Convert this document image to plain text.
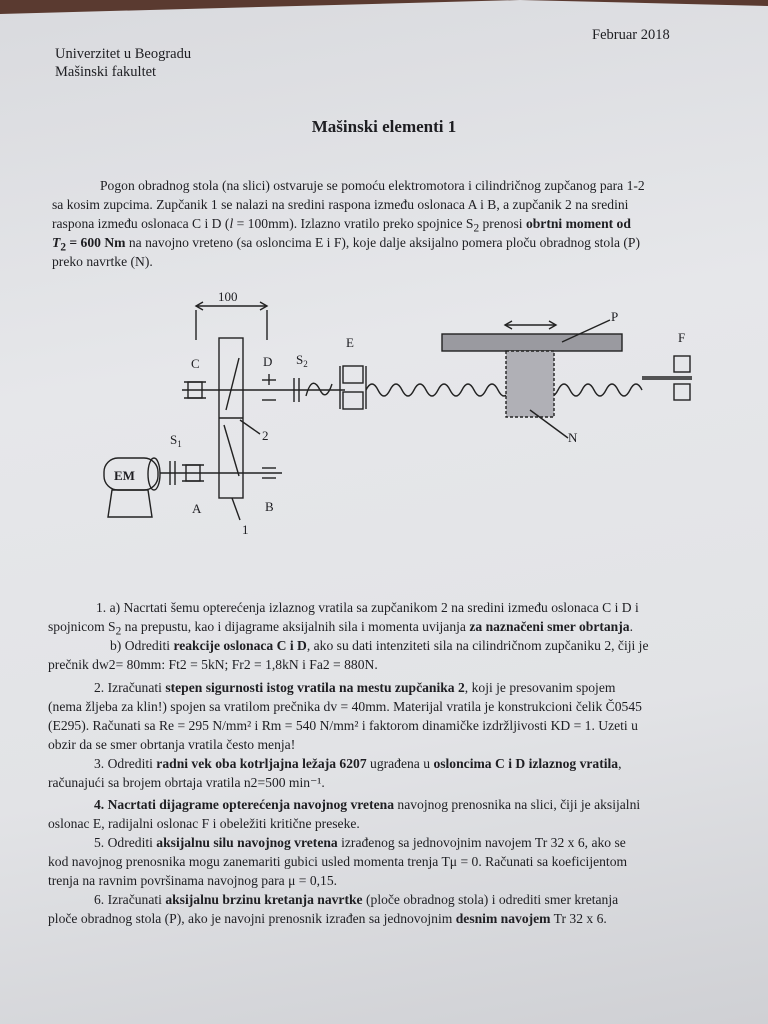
Univerzitet u Beogradu
Mašinski fakultet
Februar 2018
Mašinski elementi 1
Pogon obradnog stola (na slici) ostvaruje se pomoću elektromotora i cilindričnog zupčanog para 1-2
sa kosim zupcima. Zupčanik 1 se nalazi na sredini raspona između oslonaca A i B, a zupčanik 2 na sredini
raspona između oslonaca C i D (l = 100mm). Izlazno vratilo preko spojnice $S_2$ prenosi obrtni moment od
$T_2 = 600$ Nm na navojno vreteno (sa osloncima E i F), koje dalje aksijalno pomera ploču obradnog stola (P)
preko navrtke (N).
100
C	D $S_2$
E
P
F
$S_1$
EM
A	B
2
1
N
1. a) Nacrtati šemu opterećenja izlaznog vratila sa zupčanikom 2 na sredini između oslonaca C i D i
spojnicom $S_2$ na prepustu, kao i dijagrame aksijalnih sila i momenta uvijanja za naznačeni smer obrtanja.
b) Odrediti reakcije oslonaca C i D, ako su dati intenziteti sila na cilindričnom zupčaniku 2, čiji je
prečnik dw2= 80mm: Ft2 = 5kN; Fr2 = 1,8kN i Fa2 = 880N.
2. Izračunati stepen sigurnosti istog vratila na mestu zupčanika 2, koji je presovanim spojem
(nema žljeba za klin!) spojen sa vratilom prečnika dv = 40mm. Materijal vratila je konstrukcioni čelik Č0545
(E295). Računati sa Re = 295 N/mm² i Rm = 540 N/mm² i faktorom dinamičke izdržljivosti KD = 1. Uzeti u
obzir da se smer obrtanja vratila često menja!
3. Odrediti radni vek oba kotrljajna ležaja 6207 ugrađena u osloncima C i D izlaznog vratila,
računajući sa brojem obrtaja vratila n2=500 min⁻¹.
4. Nacrtati dijagrame opterećenja navojnog vretena navojnog prenosnika na slici, čiji je aksijalni
oslonac E, radijalni oslonac F i obeležiti kritične preseke.
5. Odrediti aksijalnu silu navojnog vretena izrađenog sa jednovojnim navojem Tr 32 x 6, ako se
kod navojnog prenosnika mogu zanemariti gubici usled momenta trenja Tμ = 0. Računati sa koeficijentom
trenja na ravnim površinama navojnog para μ = 0,15.
6. Izračunati aksijalnu brzinu kretanja navrtke (ploče obradnog stola) i odrediti smer kretanja
ploče obradnog stola (P), ako je navojni prenosnik izrađen sa jednovojnim desnim navojem Tr 32 x 6.
